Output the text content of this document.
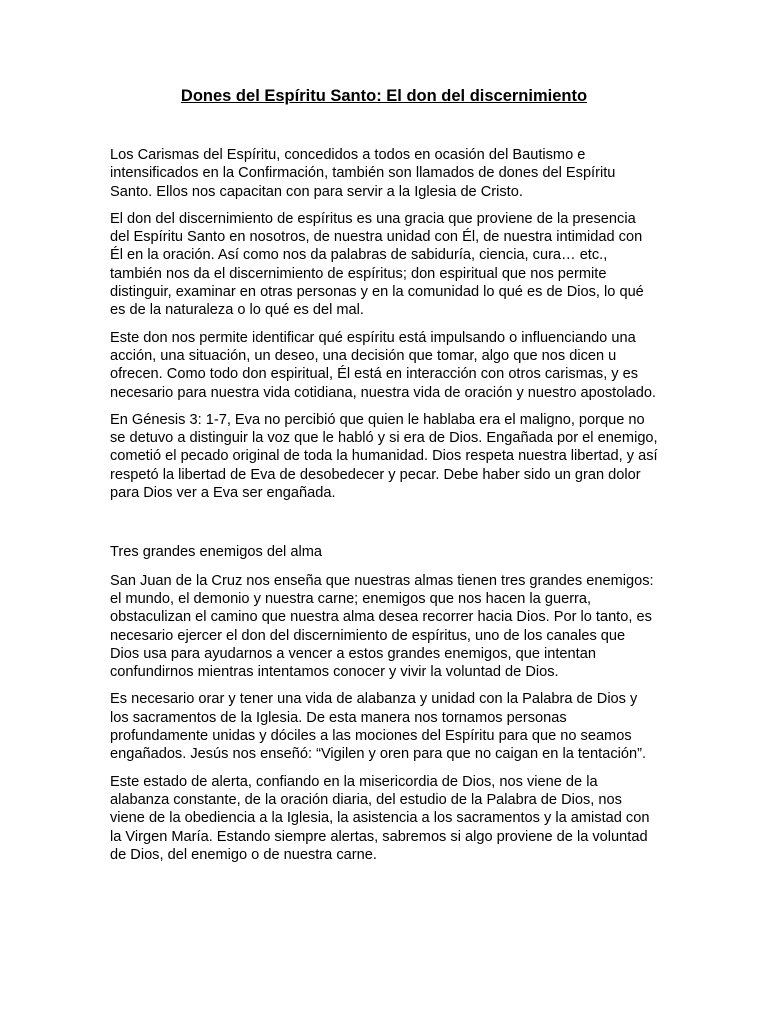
Dones del Espíritu Santo: El don del discernimiento

Los Carismas del Espíritu, concedidos a todos en ocasión del Bautismo e intensificados en la Confirmación, también son llamados de dones del Espíritu Santo. Ellos nos capacitan con para servir a la Iglesia de Cristo.

El don del discernimiento de espíritus es una gracia que proviene de la presencia del Espíritu Santo en nosotros, de nuestra unidad con Él, de nuestra intimidad con Él en la oración. Así como nos da palabras de sabiduría, ciencia, cura… etc., también nos da el discernimiento de espíritus; don espiritual que nos permite distinguir, examinar en otras personas y en la comunidad lo qué es de Dios, lo qué es de la naturaleza o lo qué es del mal.

Este don nos permite identificar qué espíritu está impulsando o influenciando una acción, una situación, un deseo, una decisión que tomar, algo que nos dicen u ofrecen. Como todo don espiritual, Él está en interacción con otros carismas, y es necesario para nuestra vida cotidiana, nuestra vida de oración y nuestro apostolado.

En Génesis 3: 1-7, Eva no percibió que quien le hablaba era el maligno, porque no se detuvo a distinguir la voz que le habló y si era de Dios. Engañada por el enemigo, cometió el pecado original de toda la humanidad. Dios respeta nuestra libertad, y así respetó la libertad de Eva de desobedecer y pecar. Debe haber sido un gran dolor para Dios ver a Eva ser engañada.

Tres grandes enemigos del alma

San Juan de la Cruz nos enseña que nuestras almas tienen tres grandes enemigos: el mundo, el demonio y nuestra carne; enemigos que nos hacen la guerra, obstaculizan el camino que nuestra alma desea recorrer hacia Dios. Por lo tanto, es necesario ejercer el don del discernimiento de espíritus, uno de los canales que Dios usa para ayudarnos a vencer a estos grandes enemigos, que intentan confundirnos mientras intentamos conocer y vivir la voluntad de Dios.

Es necesario orar y tener una vida de alabanza y unidad con la Palabra de Dios y los sacramentos de la Iglesia. De esta manera nos tornamos personas profundamente unidas y dóciles a las mociones del Espíritu para que no seamos engañados. Jesús nos enseñó: “Vigilen y oren para que no caigan en la tentación”.

Este estado de alerta, confiando en la misericordia de Dios, nos viene de la alabanza constante, de la oración diaria, del estudio de la Palabra de Dios, nos viene de la obediencia a la Iglesia, la asistencia a los sacramentos y la amistad con la Virgen María. Estando siempre alertas, sabremos si algo proviene de la voluntad de Dios, del enemigo o de nuestra carne.
